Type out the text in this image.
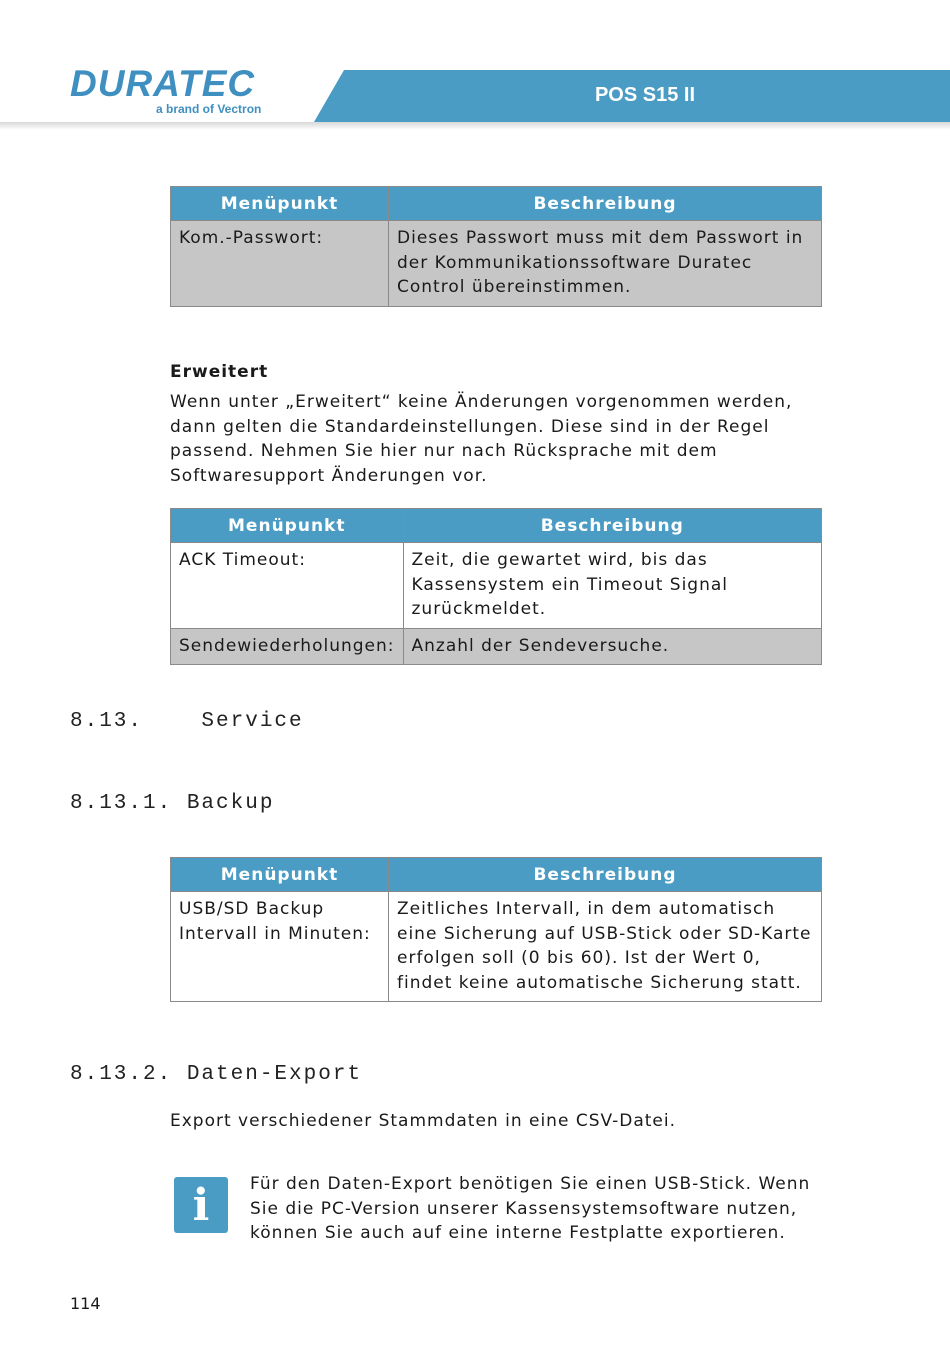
DURATEC
a brand of Vectron
POS S15 II
Menüpunkt	Beschreibung
Kom.-Passwort:	Dieses Passwort muss mit dem Passwort in der Kommunikationssoftware Duratec Control übereinstimmen.

Erweitert

Wenn unter „Erweitert“ keine Änderungen vorgenommen werden, dann gelten die Standardeinstellungen. Diese sind in der Regel passend. Nehmen Sie hier nur nach Rücksprache mit dem Softwaresupport Änderungen vor.

Menüpunkt	Beschreibung
ACK Timeout:	Zeit, die gewartet wird, bis das Kassensystem ein Timeout Signal zurückmeldet.
Sendewiederholungen:	Anzahl der Sendeversuche.

8.13.    Service

8.13.1. Backup

Menüpunkt	Beschreibung
USB/SD Backup Intervall in Minuten:	Zeitliches Intervall, in dem automatisch eine Sicherung auf USB-Stick oder SD-Karte erfolgen soll (0 bis 60). Ist der Wert 0, findet keine automatische Sicherung statt.

8.13.2. Daten-Export

Export verschiedener Stammdaten in eine CSV-Datei.

i	Für den Daten-Export benötigen Sie einen USB-Stick. Wenn Sie die PC-Version unserer Kassensystemsoftware nutzen, können Sie auch auf eine interne Festplatte exportieren.

114
